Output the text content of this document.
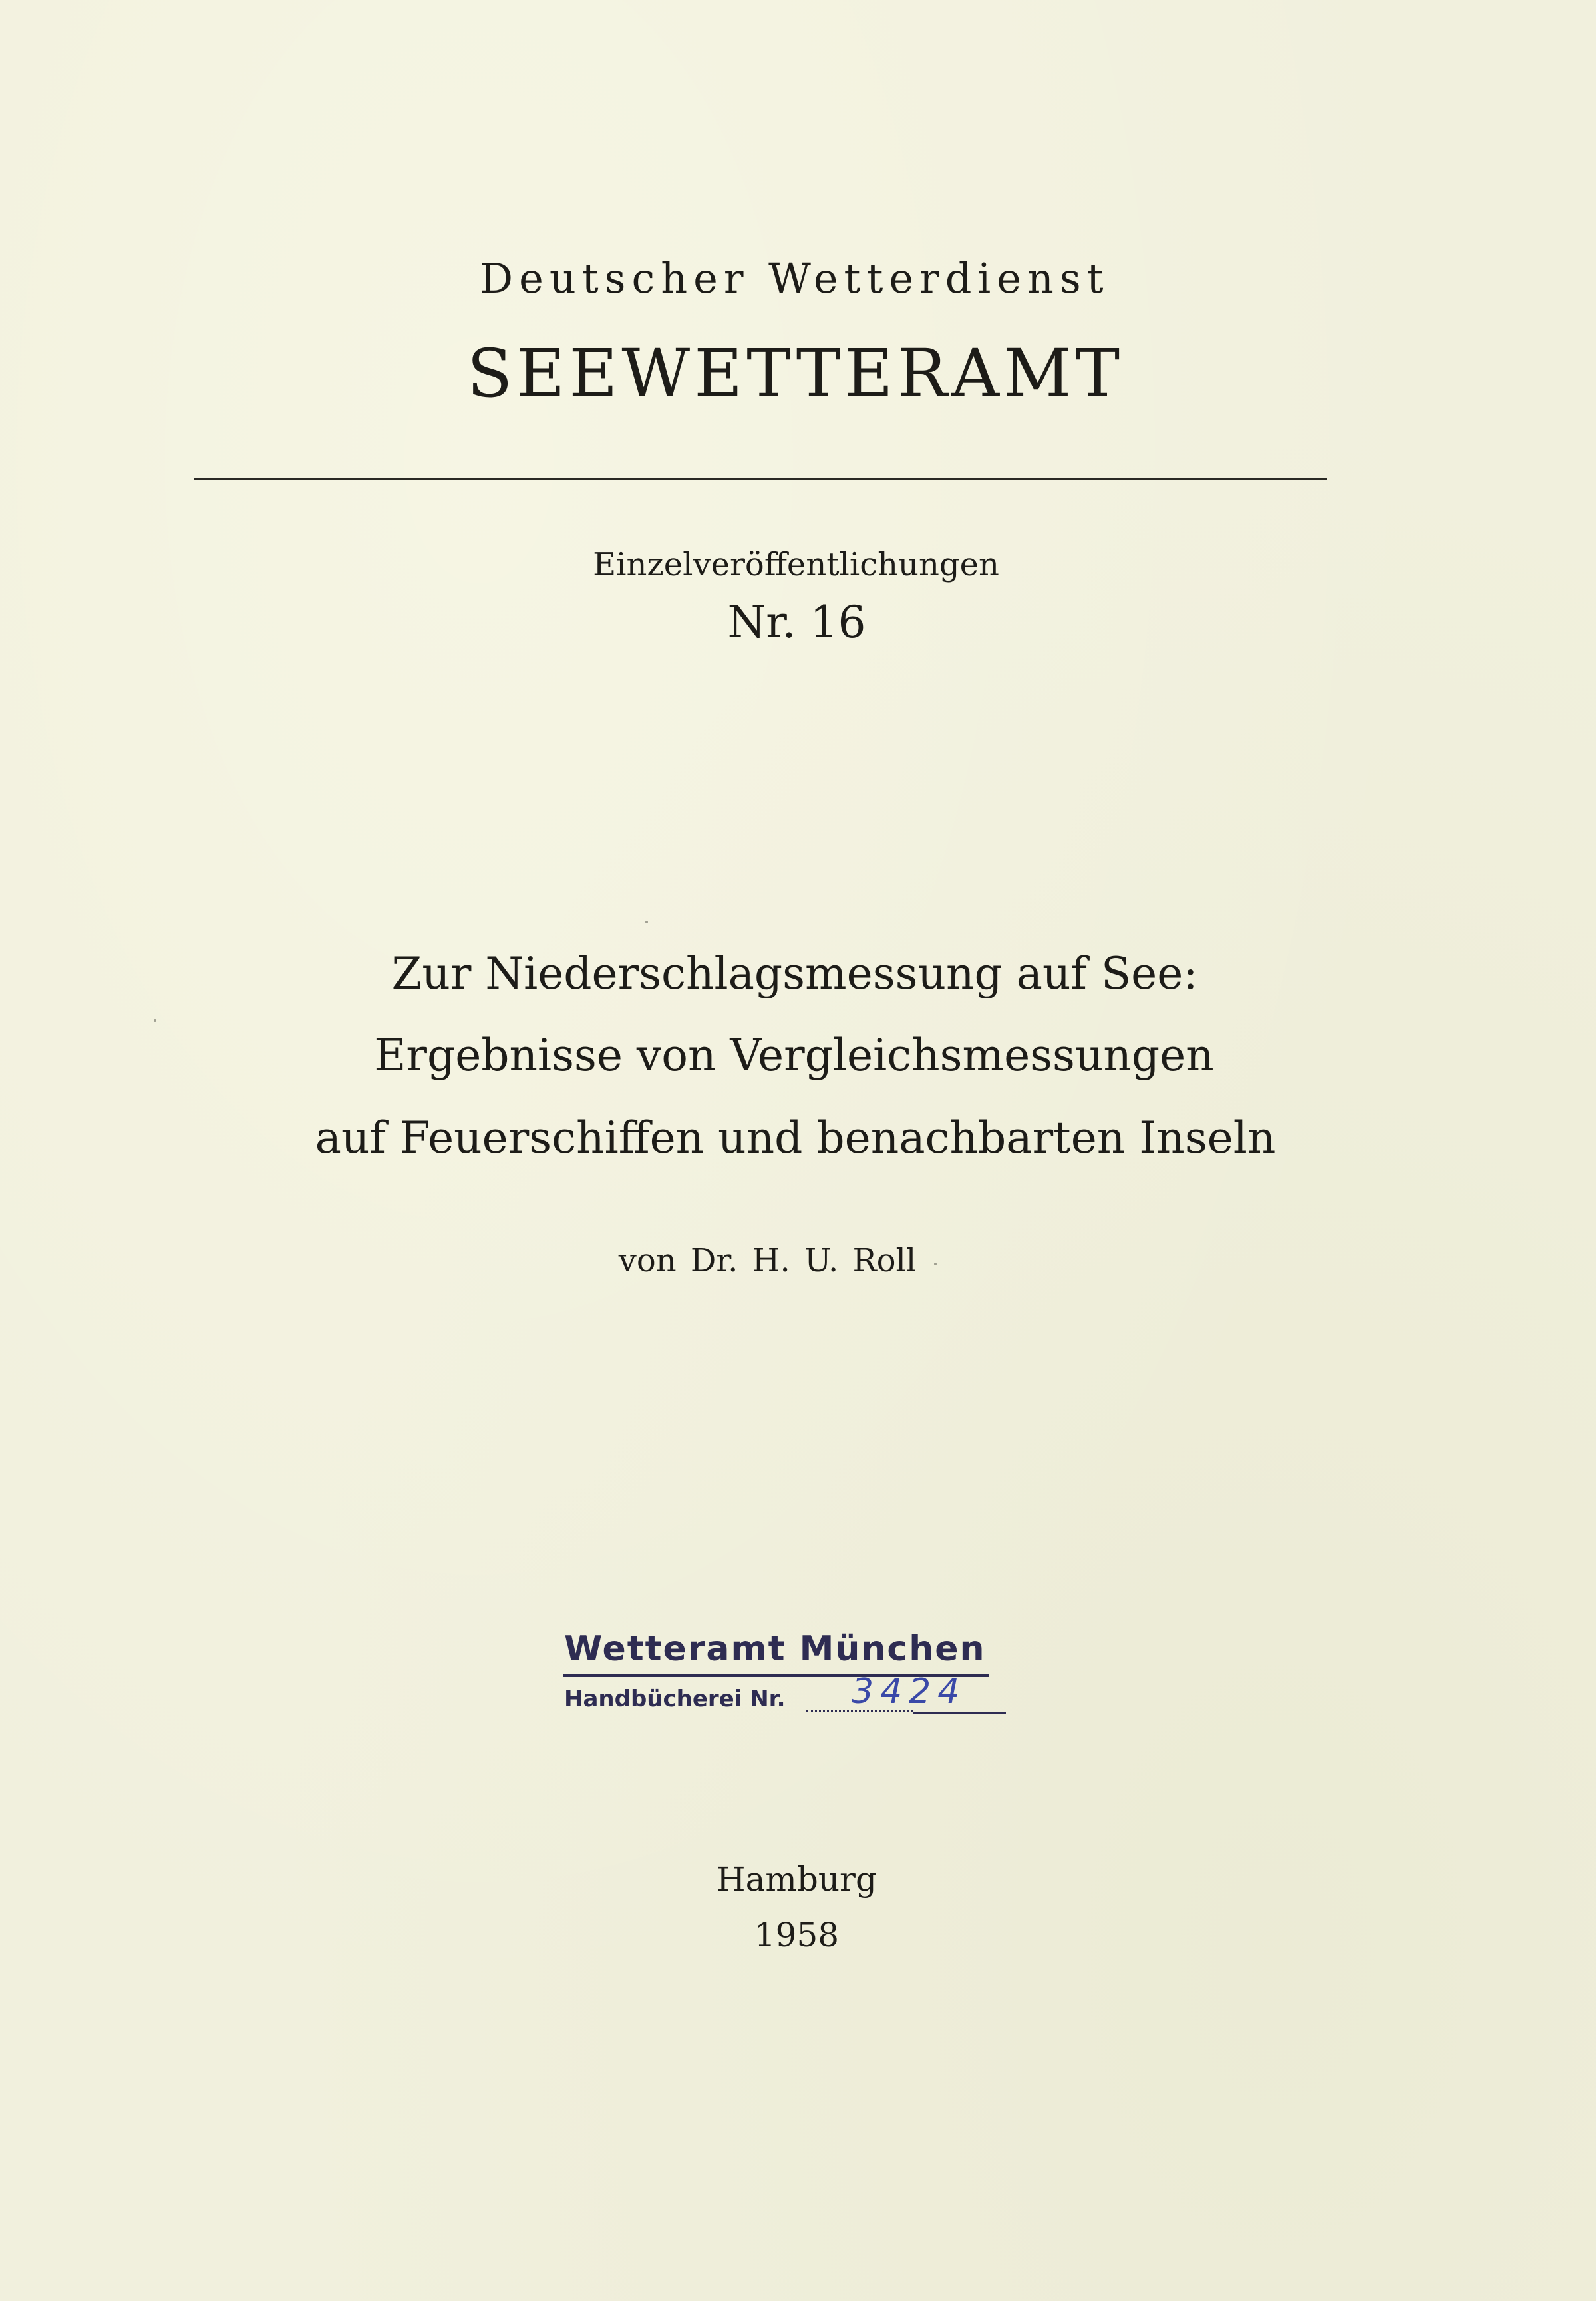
Deutscher Wetterdienst
SEEWETTERAMT
Einzelveröffentlichungen
Nr. 16
Zur Niederschlagsmessung auf See:
Ergebnisse von Vergleichsmessungen
auf Feuerschiffen und benachbarten Inseln
von Dr. H. U. Roll
Wetteramt München
Handbücherei Nr. 3424
Hamburg
1958
